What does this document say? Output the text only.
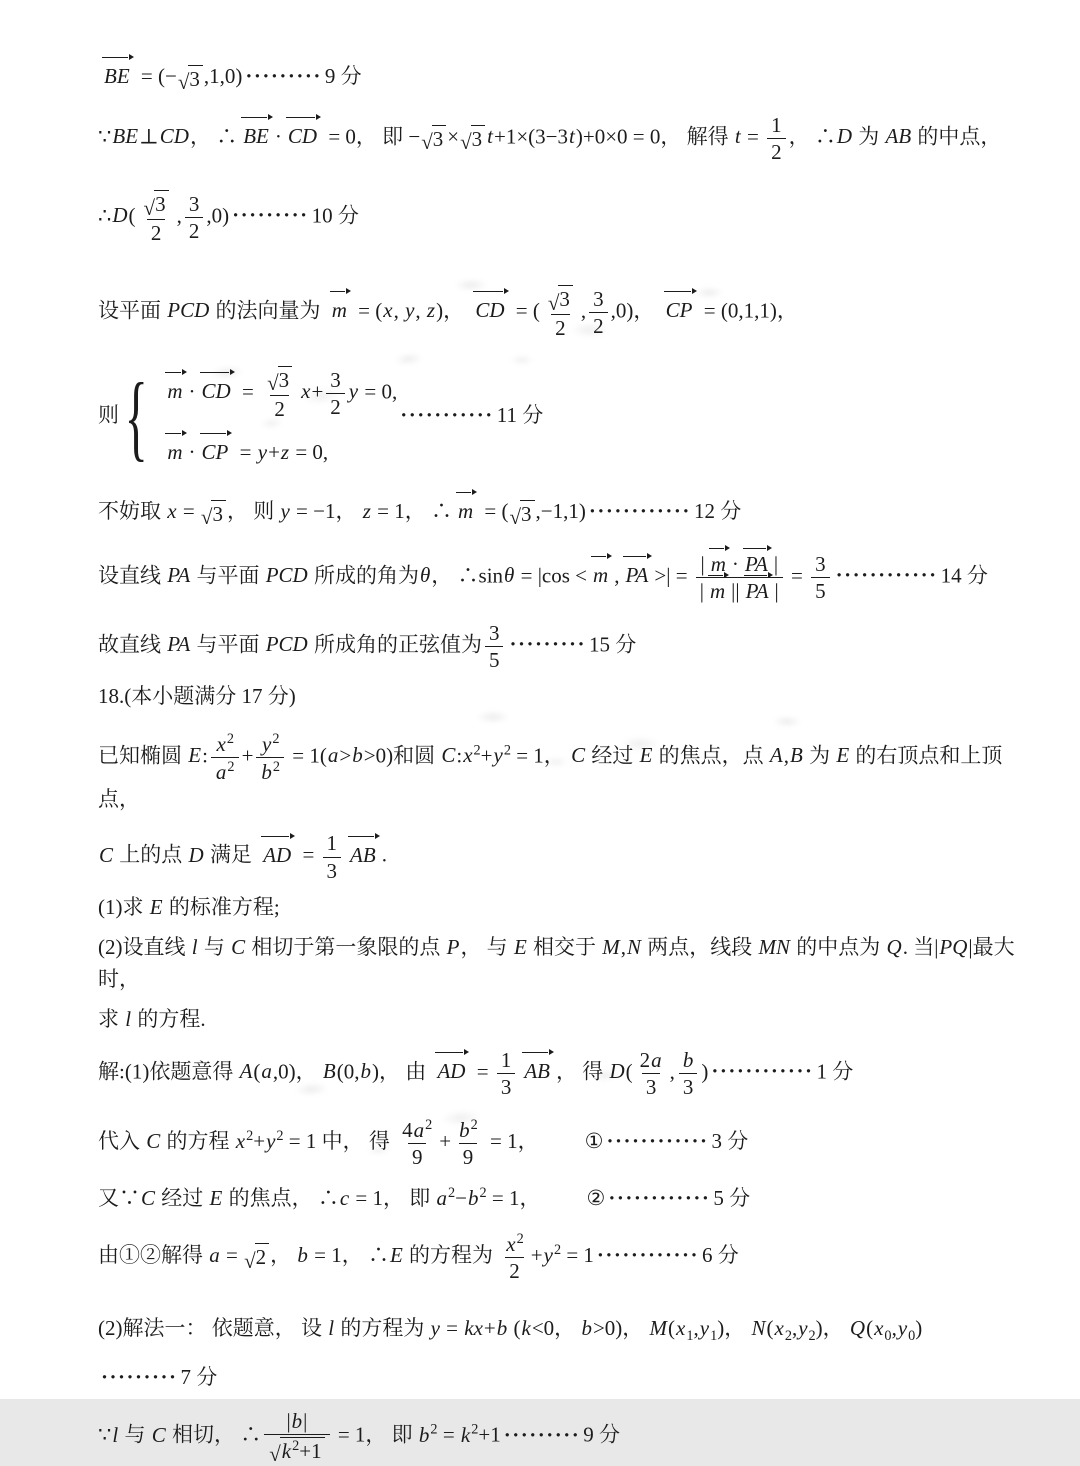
BE = (− √ 3 ,1,0) ········· 9 分
∵BE⊥CD， ∴ BE · CD = 0， 即 − √ 3 × √ 3 t+1×(3−3t)+0×0 = 0， 解得 $t = \frac{1}{2}$ ， ∴D 为 AB 的中点，
∴D( $\frac{√ 3}{2}$ , $\frac{3}{2} ,0$) ········· 10 分
设平面 PCD 的法向量为 m = (x, y, z)， CD = ( $\frac{√ 3}{2}$ , $\frac{3}{2} ,0$)， CP = (0,1,1)，
则 { m · CD = $\frac{√ 3}{2} x+ \frac{3}{2}$ y = 0,
m · CP = y+z = 0,
··········· 11 分
不妨取 x = √ 3 ， 则 y = −1， z = 1， ∴ m = ( √ 3 ,−1,1) ············ 12 分
设直线 PA 与平面 PCD 所成的角为θ， ∴sinθ = |cos < m , PA >| = $\frac{| m \cdot PA |}{| m || PA |} = \frac{3}{5}$ ············ 14 分
故直线 PA 与平面 PCD 所成角的正弦值为 $\frac{3}{5}$ ········· 15 分
18.(本小题满分 17 分)
已知椭圆 E: $\frac{x^2}{a^2} + \frac{y^2}{b^2} = 1(a>b>0)$和圆 $C:x^2+y^2 = 1$， C 经过 E 的焦点，点 A,B 为 E 的右顶点和上顶点，
C 上的点 D 满足 AD = $\frac{1}{3}$ AB .
(1)求 E 的标准方程;
(2)设直线 l 与 C 相切于第一象限的点 P， 与 E 相交于 M,N 两点，线段 MN 的中点为 Q. 当|PQ|最大时，
求 l 的方程.
解:(1)依题意得 A(a,0)， B(0,b)， 由 AD = $\frac{1}{3}$ AB ， 得 $D( \frac{2a}{3}$ , $\frac{b}{3}$ ) ············ 1 分
代入 C 的方程 $x^2+y^2 = 1$ 中， 得 $\frac{4a^2}{9} + \frac{b^2}{9} = 1$， ① ············ 3 分
又∵C 经过 E 的焦点， ∴c = 1， 即 $a^2-b^2 = 1$， ② ············ 5 分
由①②解得 a = √ 2 ， b = 1， ∴E 的方程为 $\frac{x^2}{2} +y^2 = 1$ ············ 6 分
(2)解法一： 依题意， 设 l 的方程为 y = kx+b (k<0， b>0)， $M(x_1,y_1)$， $N(x_2,y_2)$， $Q(x_0,y_0)$
········· 7 分
∵l 与 C 相切， ∴ $\frac{|b|}{√ k^2+1} = 1$， 即 $b^2 = k^2+1$ ········· 9 分
